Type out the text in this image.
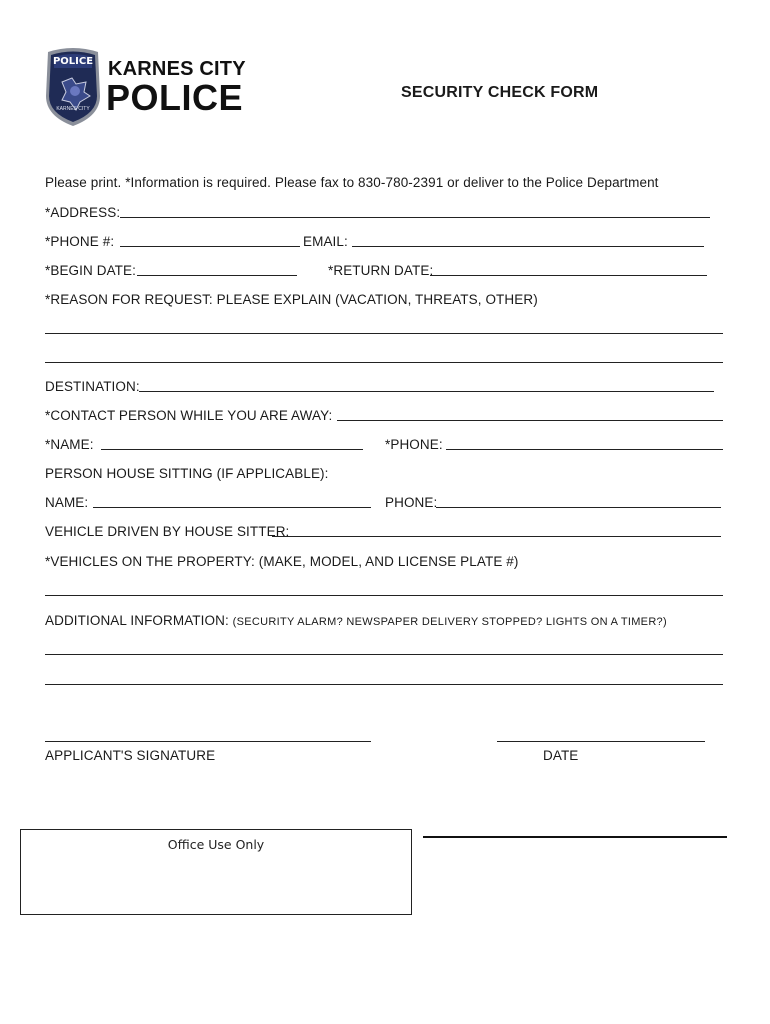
POLICE
KARNES CITY
KARNES CITY
POLICE	SECURITY CHECK FORM
Please print. *Information is required. Please fax to 830-780-2391 or deliver to the Police Department
*ADDRESS:
*PHONE #:	EMAIL:
*BEGIN DATE:	*RETURN DATE:
*REASON FOR REQUEST: PLEASE EXPLAIN (VACATION, THREATS, OTHER)
DESTINATION:
*CONTACT PERSON WHILE YOU ARE AWAY:
*NAME:	*PHONE:
PERSON HOUSE SITTING (IF APPLICABLE):
NAME:	PHONE:
VEHICLE DRIVEN BY HOUSE SITTER:
*VEHICLES ON THE PROPERTY: (MAKE, MODEL, AND LICENSE PLATE #)
ADDITIONAL INFORMATION: (SECURITY ALARM? NEWSPAPER DELIVERY STOPPED? LIGHTS ON A TIMER?)
APPLICANT'S SIGNATURE	DATE
Office Use Only
